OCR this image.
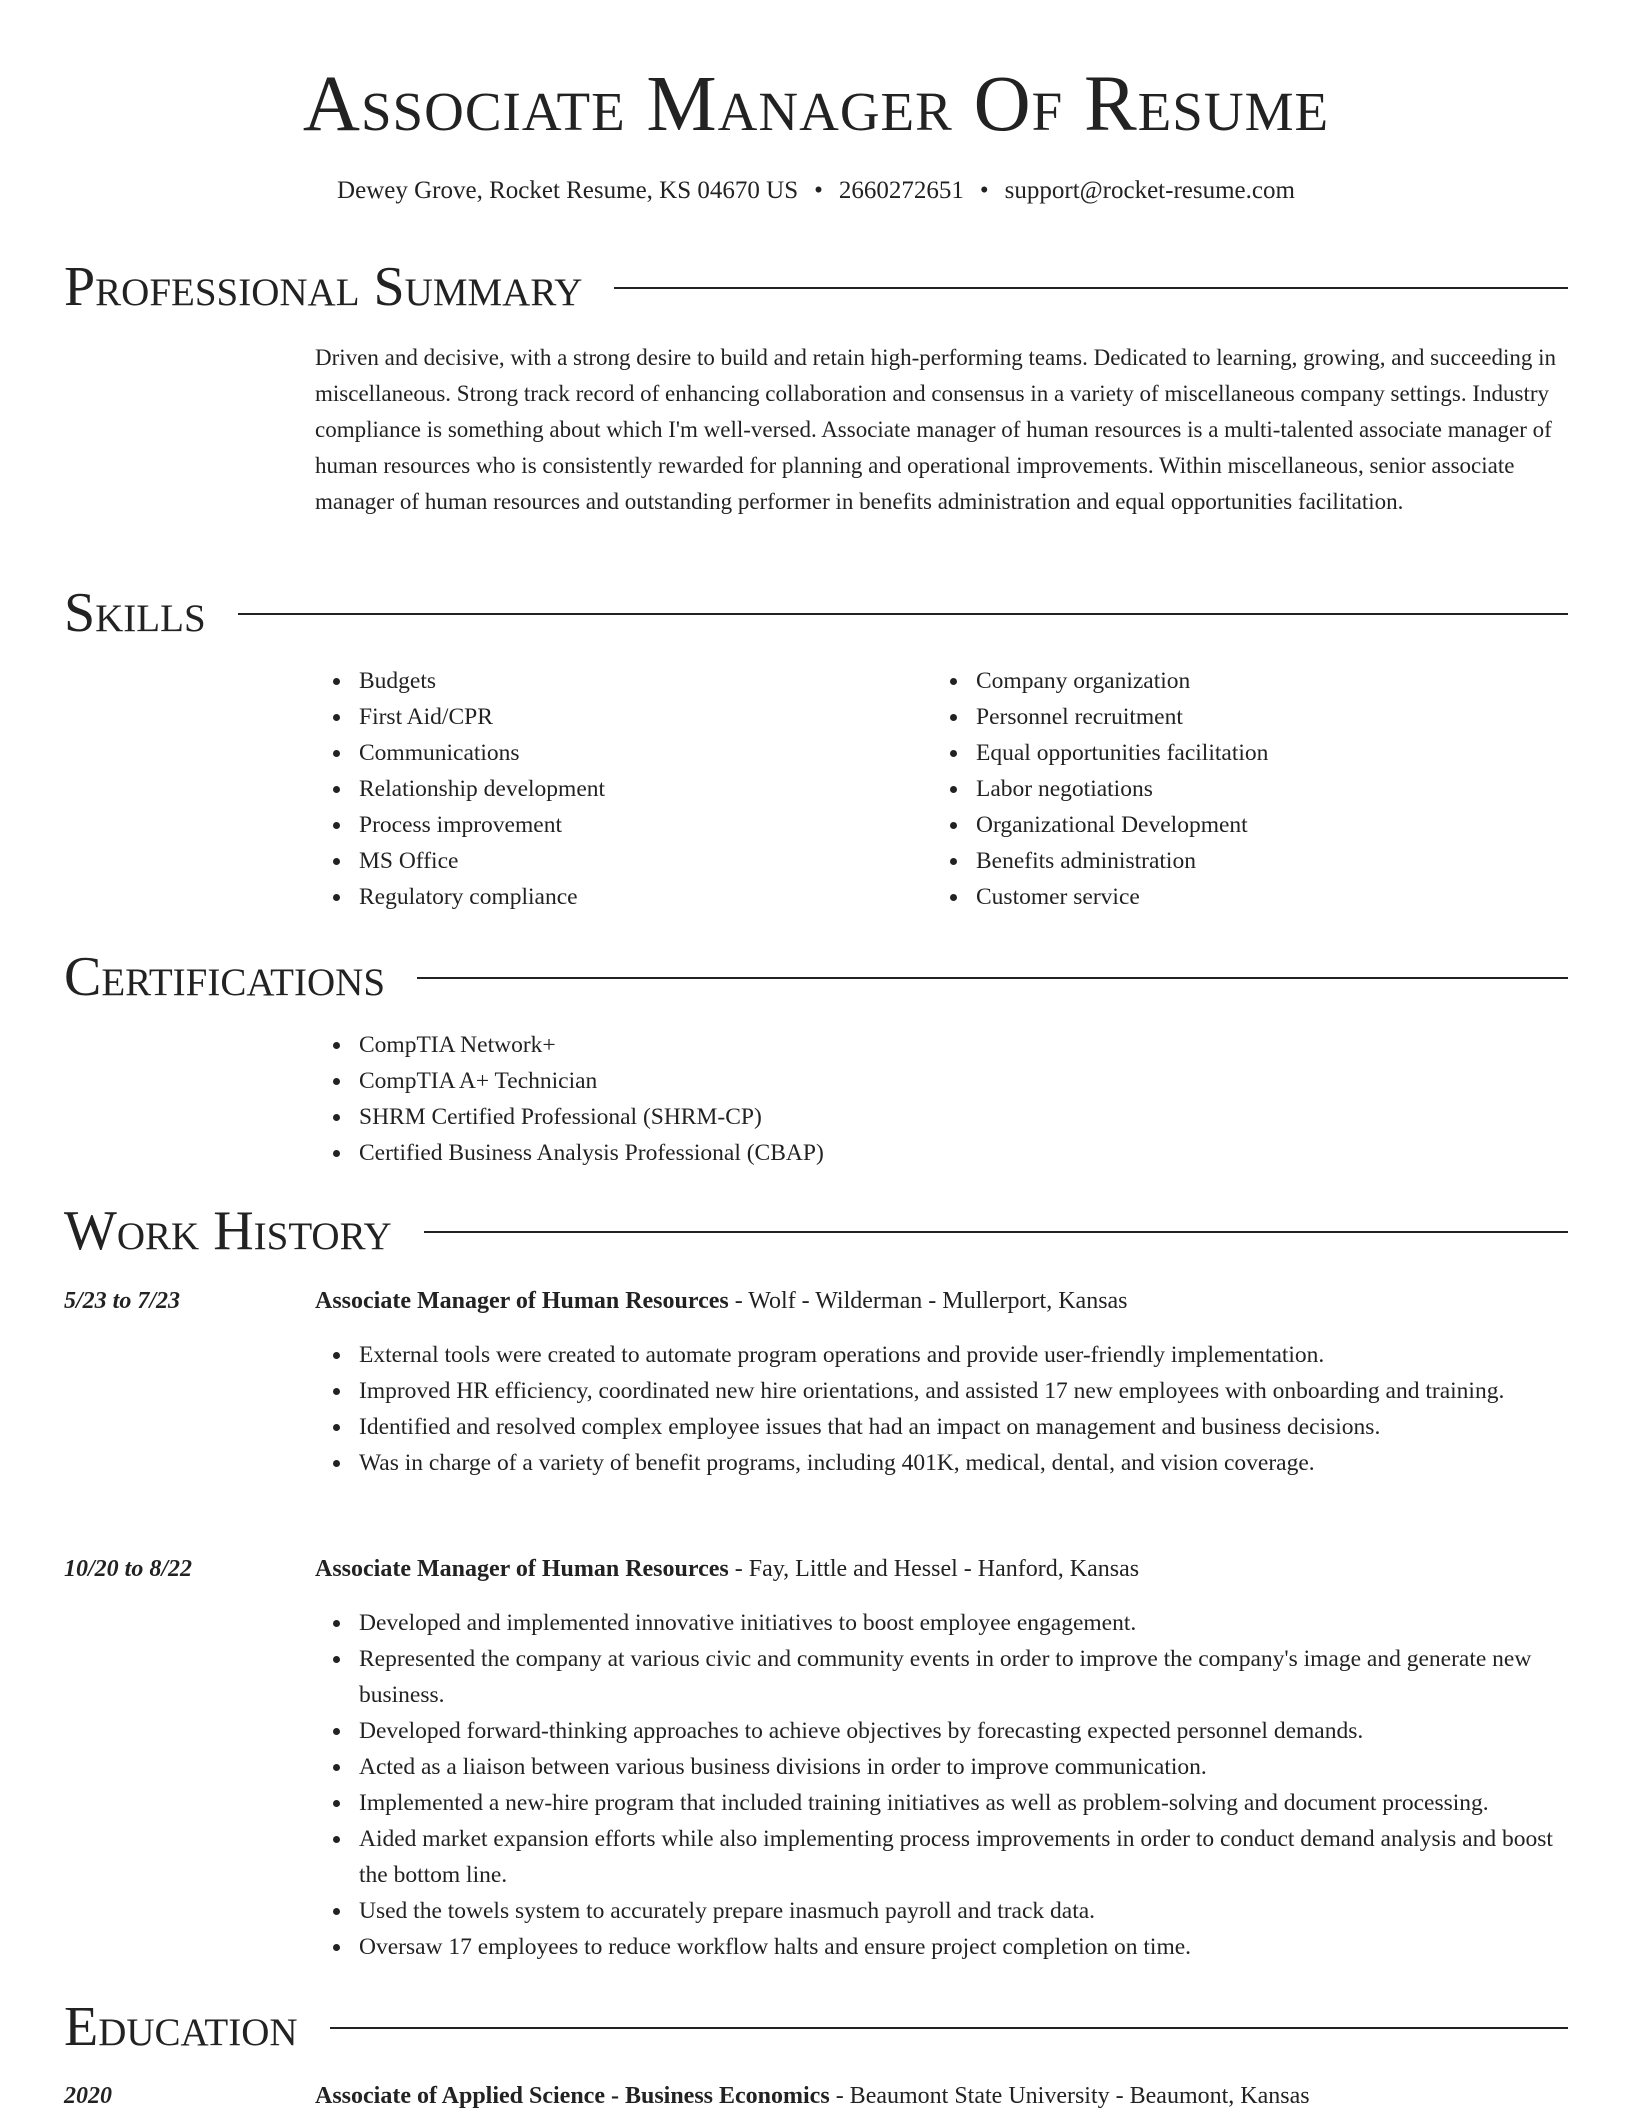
Associate Manager Of Resume
Dewey Grove, Rocket Resume, KS 04670 US • 2660272651 • support@rocket-resume.com
Professional Summary

Driven and decisive, with a strong desire to build and retain high-performing teams. Dedicated to learning, growing, and succeeding in miscellaneous. Strong track record of enhancing collaboration and consensus in a variety of miscellaneous company settings. Industry compliance is something about which I'm well-versed. Associate manager of human resources is a multi-talented associate manager of human resources who is consistently rewarded for planning and operational improvements. Within miscellaneous, senior associate manager of human resources and outstanding performer in benefits administration and equal opportunities facilitation.

Skills
Budgets
First Aid/CPR
Communications
Relationship development
Process improvement
MS Office
Regulatory compliance
Company organization
Personnel recruitment
Equal opportunities facilitation
Labor negotiations
Organizational Development
Benefits administration
Customer service
Certifications
CompTIA Network+
CompTIA A+ Technician
SHRM Certified Professional (SHRM-CP)
Certified Business Analysis Professional (CBAP)
Work History
5/23 to 7/23	Associate Manager of Human Resources - Wolf - Wilderman - Mullerport, Kansas
External tools were created to automate program operations and provide user-friendly implementation.
Improved HR efficiency, coordinated new hire orientations, and assisted 17 new employees with onboarding and training.
Identified and resolved complex employee issues that had an impact on management and business decisions.
Was in charge of a variety of benefit programs, including 401K, medical, dental, and vision coverage.
10/20 to 8/22	Associate Manager of Human Resources - Fay, Little and Hessel - Hanford, Kansas
Developed and implemented innovative initiatives to boost employee engagement.
Represented the company at various civic and community events in order to improve the company's image and generate new business.
Developed forward-thinking approaches to achieve objectives by forecasting expected personnel demands.
Acted as a liaison between various business divisions in order to improve communication.
Implemented a new-hire program that included training initiatives as well as problem-solving and document processing.
Aided market expansion efforts while also implementing process improvements in order to conduct demand analysis and boost the bottom line.
Used the towels system to accurately prepare inasmuch payroll and track data.
Oversaw 17 employees to reduce workflow halts and ensure project completion on time.
Education
2020	Associate of Applied Science - Business Economics - Beaumont State University - Beaumont, Kansas
